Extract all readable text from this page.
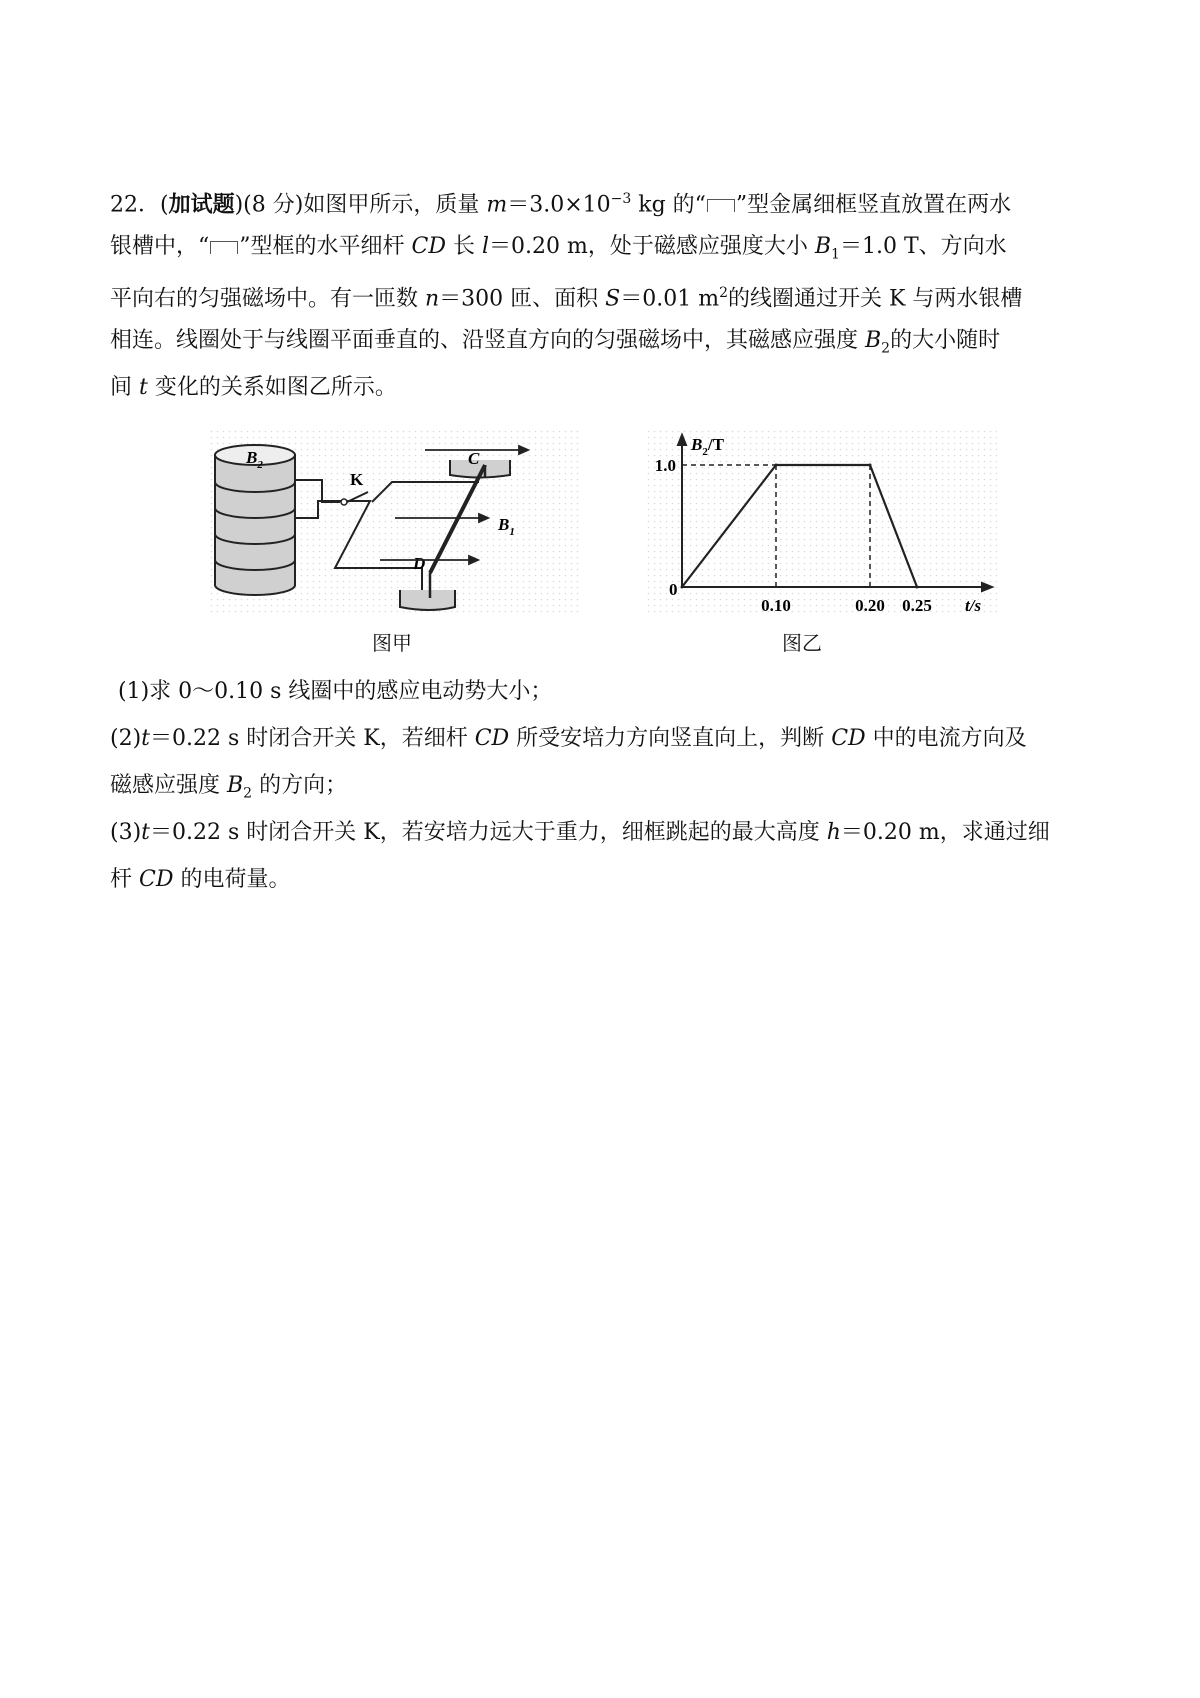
22．(加试题)(8 分)如图甲所示，质量 $m=3.0\times 10^{-3}$ kg 的“ ”型金属细框竖直放置在两水
银槽中，“ ”型框的水平细杆 CD 长 l＝0.20 m，处于磁感应强度大小 $B_1=1.0$ T、方向水
平向右的匀强磁场中。有一匝数 n＝300 匝、面积 S＝0.01 $m^2$的线圈通过开关 K 与两水银槽
相连。线圈处于与线圈平面垂直的、沿竖直方向的匀强磁场中，其磁感应强度 $B_2$的大小随时
间 t 变化的关系如图乙所示。
$B_2$
K
C
D
$B_1$
图甲
$B_2/T$
1.0
0
0.10	0.20 0.25 t/s
图乙
(1)求 0～0.10 s 线圈中的感应电动势大小；
(2)t＝0.22 s 时闭合开关 K，若细杆 CD 所受安培力方向竖直向上，判断 CD 中的电流方向及
磁感应强度 $B_2$ 的方向；
(3)t＝0.22 s 时闭合开关 K，若安培力远大于重力，细框跳起的最大高度 h＝0.20 m，求通过细
杆 CD 的电荷量。
